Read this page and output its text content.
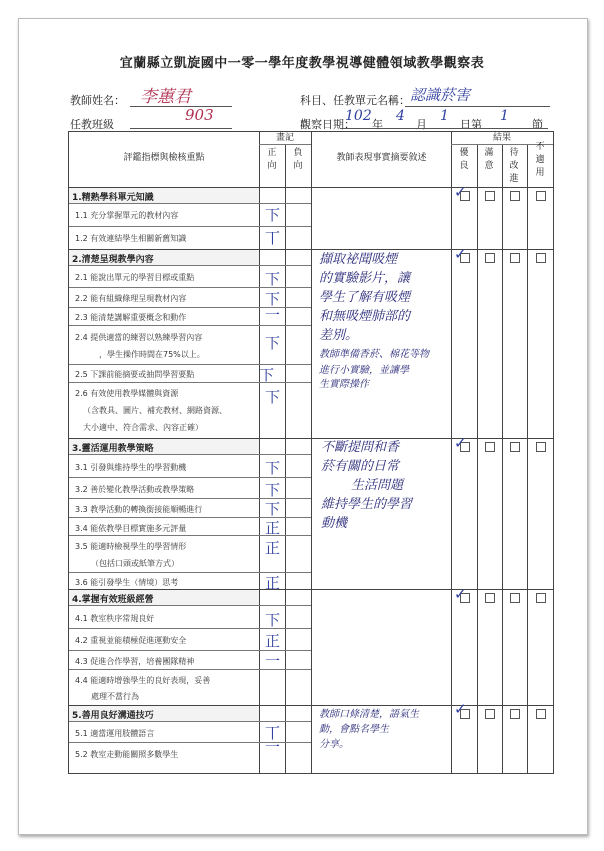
宜蘭縣立凱旋國中一零一學年度教學視導健體領域教學觀察表
教師姓名： 李蕙君	科目、任教單元名稱： 認識菸害
任教班級
903
觀察日期：
102
年
4
月
1
日第
1
節
評鑑指標與檢核重點
畫記
正向
負向
教師表現事實摘要敘述
結果
優良
滿意
待改進
不適用
1.精熟學科單元知識
1.1 充分掌握單元的教材內容
1.2 有效連結學生相關新舊知識
2.清楚呈現教學內容
2.1 能說出單元的學習目標或重點
2.2 能有組織條理呈現教材內容
2.3 能清楚講解重要概念和動作
2.4 提供適當的練習以熟練學習內容
，學生操作時間在75%以上。
2.5 下課前能摘要或抽問學習要點
2.6 有效使用教學媒體與資源
（含教具、圖片、補充教材、網路資源、
大小適中、符合需求、內容正確）
3.靈活運用教學策略
3.1 引發與維持學生的學習動機
3.2 善於變化教學活動或教學策略
3.3 教學活動的轉換銜接能順暢進行
3.4 能依教學目標實施多元評量
3.5 能適時檢視學生的學習情形
（包括口頭或紙筆方式）
3.6 能引發學生（情境）思考
4.掌握有效班級經營
4.1 教室秩序常規良好
4.2 重視並能積極促進運動安全
4.3 促進合作學習，培養團隊精神
4.4 能適時增強學生的良好表現，妥善
處理不當行為
5.善用良好溝通技巧
5.1 適當運用肢體語言
5.2 教室走動能關照多數學生
下
丅
下
下
一
下
下
下
下
下
下
正
正
正
下
正
一
丅
一
擷取祕聞吸煙
的實驗影片，讓
學生了解有吸煙
和無吸煙肺部的
差別。
教師準備香菸、棉花等物
進行小實驗，並讓學
生實際操作
不斷提問和香
菸有關的日常
生活問題
維持學生的學習
動機
教師口條清楚，語氣生
動，會點名學生
分享。
✓
✓
✓
✓
✓
